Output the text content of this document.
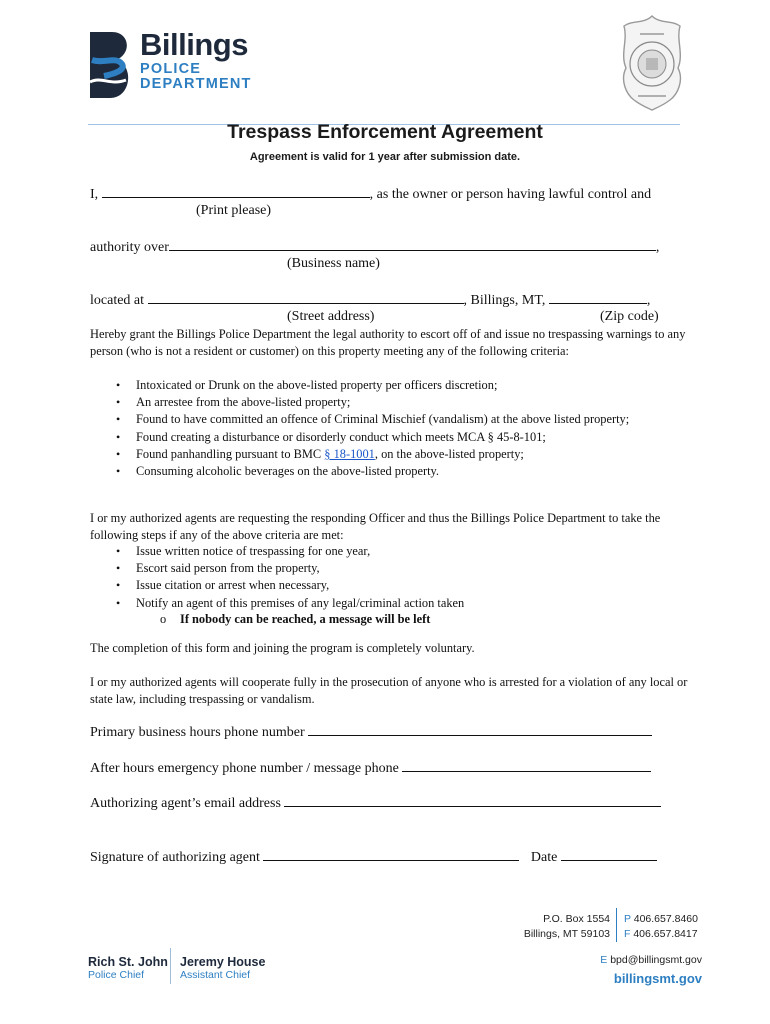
Billings
POLICE
DEPARTMENT
Trespass Enforcement Agreement
Agreement is valid for 1 year after submission date.
I,	, as the owner or person having lawful control and
(Print please)
authority over	,
(Business name)
located at	, Billings, MT,	,
(Street address)	(Zip code)
Hereby grant the Billings Police Department the legal authority to escort off of and issue no trespassing warnings to any person (who is not a resident or customer) on this property meeting any of the following criteria:
• Intoxicated or Drunk on the above-listed property per officers discretion;
• An arrestee from the above-listed property;
• Found to have committed an offence of Criminal Mischief (vandalism) at the above listed property;
• Found creating a disturbance or disorderly conduct which meets MCA § 45-8-101;
• Found panhandling pursuant to BMC § 18-1001, on the above-listed property;
• Consuming alcoholic beverages on the above-listed property.
I or my authorized agents are requesting the responding Officer and thus the Billings Police Department to take the following steps if any of the above criteria are met:
• Issue written notice of trespassing for one year,
• Escort said person from the property,
• Issue citation or arrest when necessary,
• Notify an agent of this premises of any legal/criminal action taken
o If nobody can be reached, a message will be left
The completion of this form and joining the program is completely voluntary.
I or my authorized agents will cooperate fully in the prosecution of anyone who is arrested for a violation of any local or state law, including trespassing or vandalism.
Primary business hours phone number
After hours emergency phone number / message phone
Authorizing agent’s email address
Signature of authorizing agent	Date
P.O. Box 1554
Billings, MT 59103
P 406.657.8460
F 406.657.8417
Rich St. John
Police Chief
Jeremy House
Assistant Chief
E bpd@billingsmt.gov
billingsmt.gov
